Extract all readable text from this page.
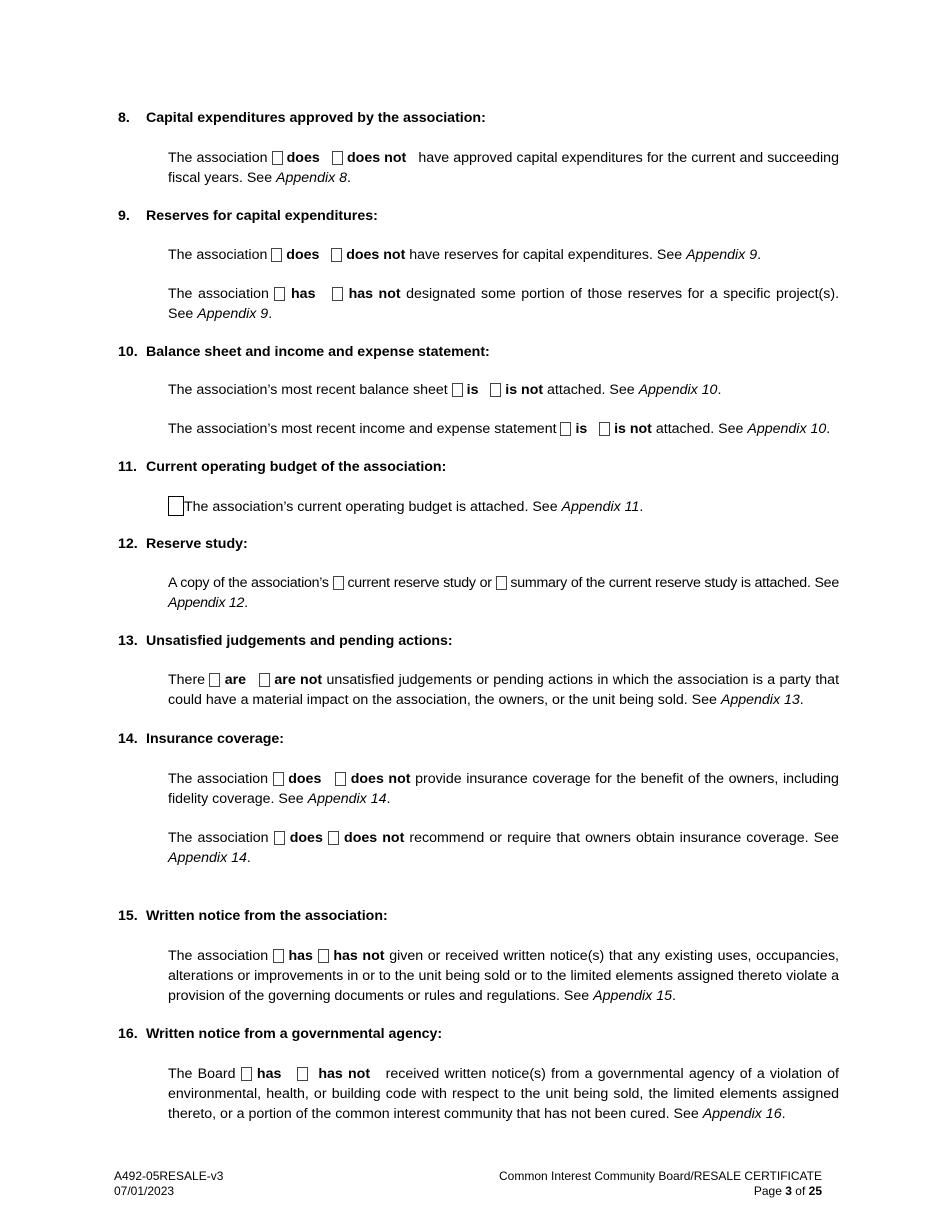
8. Capital expenditures approved by the association:
The association does does not have approved capital expenditures for the current and succeeding fiscal years. See Appendix 8.
9. Reserves for capital expenditures:
The association does does not have reserves for capital expenditures. See Appendix 9.
The association has has not designated some portion of those reserves for a specific project(s). See Appendix 9.
10. Balance sheet and income and expense statement:
The association’s most recent balance sheet is is not attached. See Appendix 10.
The association’s most recent income and expense statement is is not attached. See Appendix 10.
11. Current operating budget of the association:
The association’s current operating budget is attached. See Appendix 11.
12. Reserve study:
A copy of the association’s current reserve study or summary of the current reserve study is attached. See Appendix 12.
13. Unsatisfied judgements and pending actions:
There are are not unsatisfied judgements or pending actions in which the association is a party that could have a material impact on the association, the owners, or the unit being sold. See Appendix 13.
14. Insurance coverage:
The association does does not provide insurance coverage for the benefit of the owners, including fidelity coverage. See Appendix 14.
The association does does not recommend or require that owners obtain insurance coverage. See Appendix 14.
15. Written notice from the association:
The association has has not given or received written notice(s) that any existing uses, occupancies, alterations or improvements in or to the unit being sold or to the limited elements assigned thereto violate a provision of the governing documents or rules and regulations. See Appendix 15.
16. Written notice from a governmental agency:
The Board has	has not received written notice(s) from a governmental agency of a violation of environmental, health, or building code with respect to the unit being sold, the limited elements assigned thereto, or a portion of the common interest community that has not been cured. See Appendix 16.
A492-05RESALE-v3
07/01/2023
Common Interest Community Board/RESALE CERTIFICATE
Page 3 of 25
